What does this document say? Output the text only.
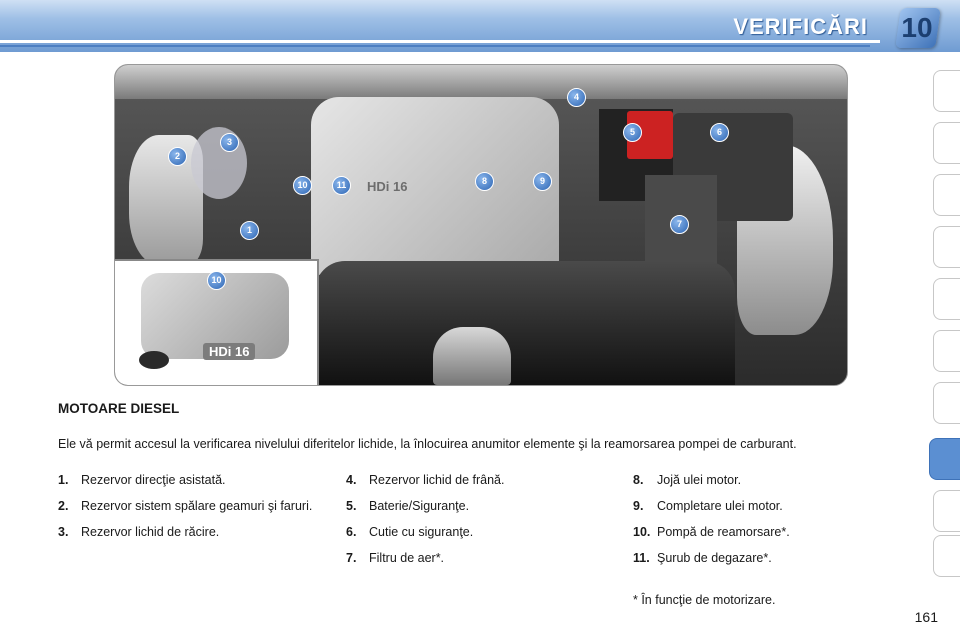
VERIFICĂRI 10
HDi 16
HDi 16
10
1
2
3
4
5	6
7
8	9
10	11
MOTOARE DIESEL
Ele vă permit accesul la verificarea nivelului diferitelor lichide, la înlocuirea anumitor elemente şi la reamorsarea pompei de carburant.
1.	Rezervor direcţie asistată.
2.	Rezervor sistem spălare geamuri şi faruri.
3.	Rezervor lichid de răcire.
4.	Rezervor lichid de frână.
5.	Baterie/Siguranţe.
6.	Cutie cu siguranţe.
7.	Filtru de aer*.
8.	Jojă ulei motor.
9.	Completare ulei motor.
10. Pompă de reamorsare*.
11. Şurub de degazare*.
* În funcţie de motorizare.
161
